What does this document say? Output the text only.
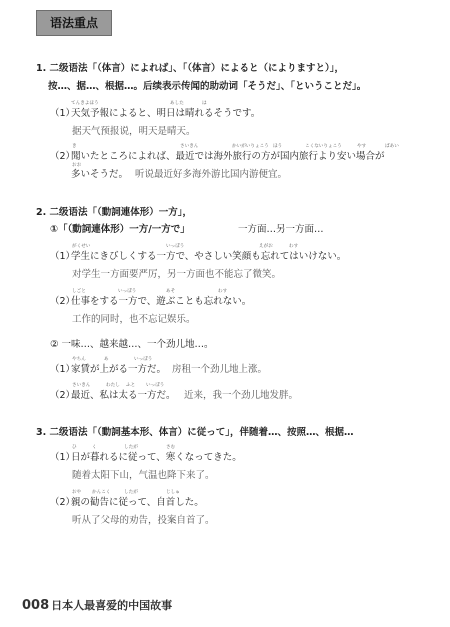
语法重点
1. 二级语法「（体言）によれば」、「（体言）によると（によりますと）」，
按…、据…、根据…。后续表示传闻的助动词「そうだ」、「ということだ」。
てんきよほう	あした	は
（1）
天気予報によると、明日は晴れるそうです。
据天气预报说，明天是晴天。
き	さいきん	かいがいりょこう ほう	こくないりょこう	やす	ばあい
（2）
聞いたところによれば、最近では海外旅行の方が国内旅行より安い場合が
おお
多いそうだ。 听说最近好多海外游比国内游便宜。
2. 二级语法「（動詞連体形）一方」，
①「（動詞連体形）一方/一方で」	一方面…另一方面…
がくせい	いっぽう	えがお	わす
（1）
学生にきびしくする一方で、やさしい笑顔も忘れてはいけない。
对学生一方面要严厉，另一方面也不能忘了微笑。
しごと	いっぽう	あそ	わす
（2）
仕事をする一方で、遊ぶことも忘れない。
工作的同时，也不忘记娱乐。
② 一味…、越来越…、一个劲儿地…。
やちん	あ	いっぽう
（1）
家賃が上がる一方だ。 房租一个劲儿地上涨。
さいきん	わたし ふと いっぽう
（2）
最近、私は太る一方だ。 近来，我一个劲儿地发胖。
3. 二级语法「（動詞基本形、体言）に従って」，伴随着…、按照…、根据…
ひ	く	したが	さむ
（1）
日が暮れるに従って、寒くなってきた。
随着太阳下山，气温也降下来了。
おや かんこく	したが	じしゅ
（2）
親の勧告に従って、自首した。
听从了父母的劝告，投案自首了。
008 日本人最喜爱的中国故事
